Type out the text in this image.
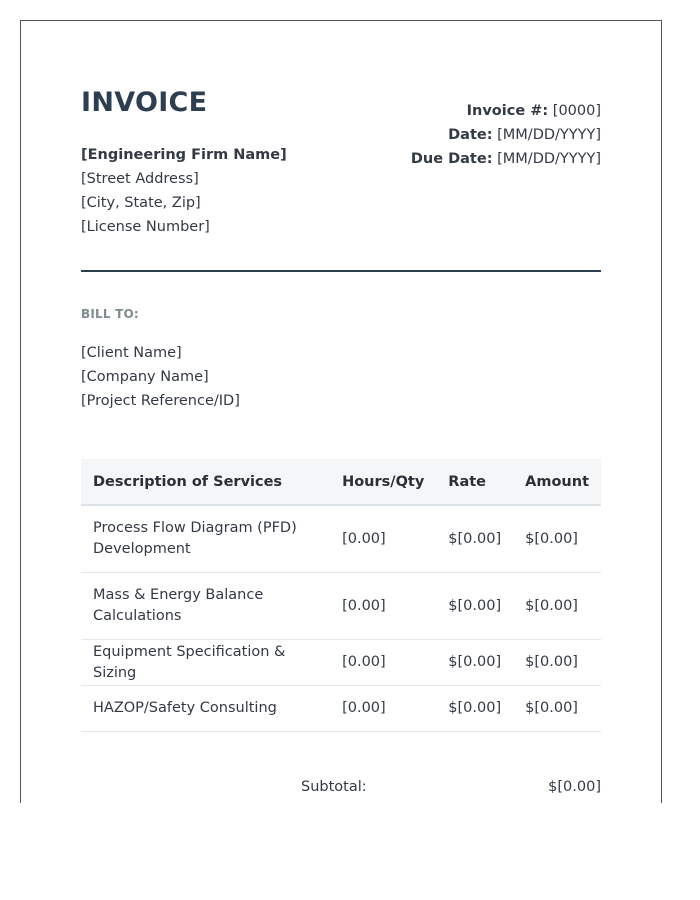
INVOICE
[Engineering Firm Name]
[Street Address]
[City, State, Zip]
[License Number]
Invoice #: [0000]
Date: [MM/DD/YYYY]
Due Date: [MM/DD/YYYY]
BILL TO:
[Client Name]
[Company Name]
[Project Reference/ID]
Description of Services	Hours/Qty	Rate	Amount
Process Flow Diagram (PFD) Development	[0.00]	$[0.00]	$[0.00]
Mass & Energy Balance Calculations	[0.00]	$[0.00]	$[0.00]
Equipment Specification & Sizing	[0.00]	$[0.00]	$[0.00]
HAZOP/Safety Consulting	[0.00]	$[0.00]	$[0.00]
Subtotal:	$[0.00]
